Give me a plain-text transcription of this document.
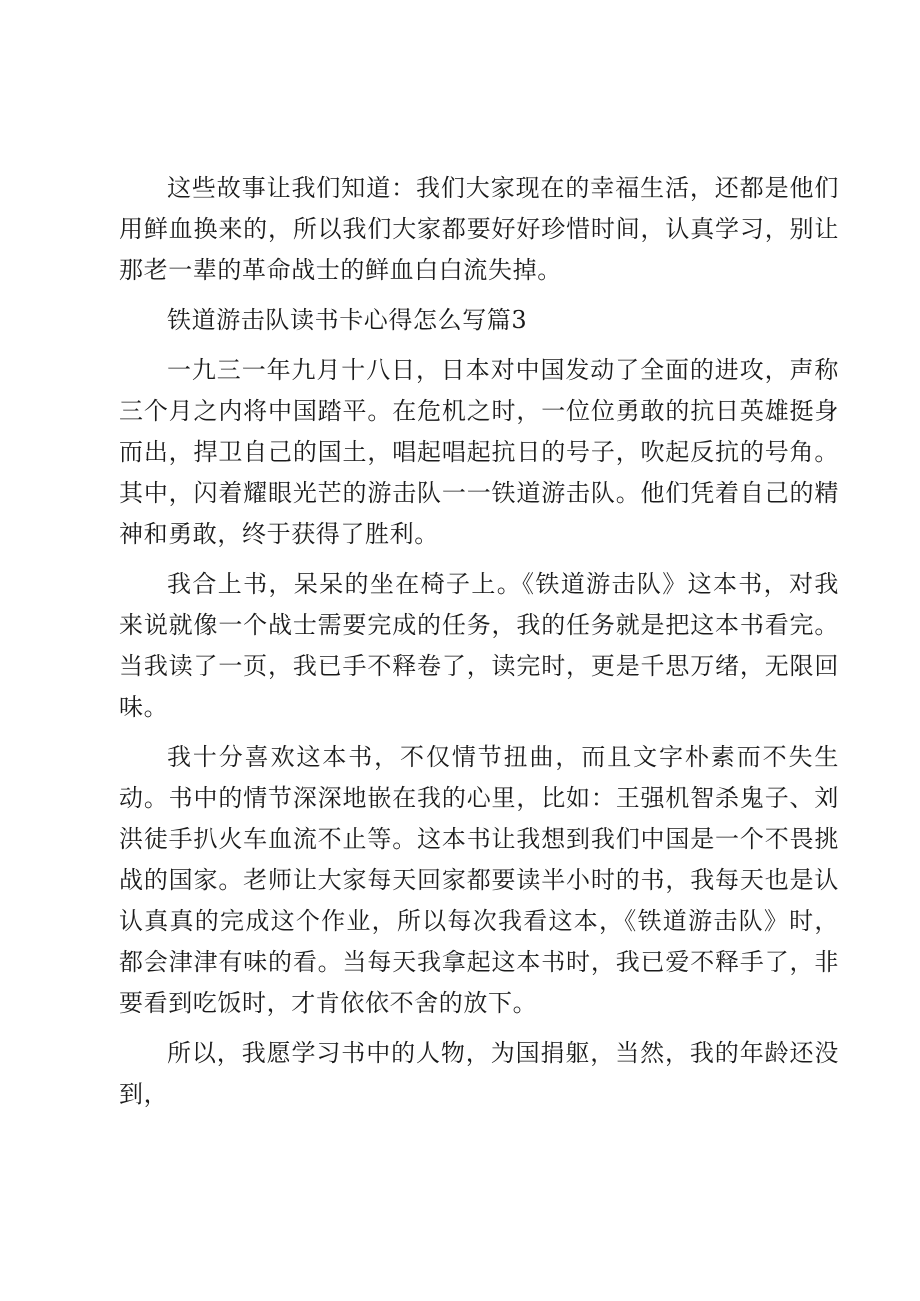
这些故事让我们知道：我们大家现在的幸福生活，还都是他们用鲜血换来的，所以我们大家都要好好珍惜时间，认真学习，别让那老一辈的革命战士的鲜血白白流失掉。

铁道游击队读书卡心得怎么写篇3

一九三一年九月十八日，日本对中国发动了全面的进攻，声称三个月之内将中国踏平。在危机之时，一位位勇敢的抗日英雄挺身而出，捍卫自己的国土，唱起唱起抗日的号子，吹起反抗的号角。其中，闪着耀眼光芒的游击队一一铁道游击队。他们凭着自己的精神和勇敢，终于获得了胜利。

我合上书，呆呆的坐在椅子上。《铁道游击队》这本书，对我来说就像一个战士需要完成的任务，我的任务就是把这本书看完。当我读了一页，我已手不释卷了，读完时，更是千思万绪，无限回味。

我十分喜欢这本书，不仅情节扭曲，而且文字朴素而不失生动。书中的情节深深地嵌在我的心里，比如：王强机智杀鬼子、刘洪徒手扒火车血流不止等。这本书让我想到我们中国是一个不畏挑战的国家。老师让大家每天回家都要读半小时的书，我每天也是认认真真的完成这个作业，所以每次我看这本，《铁道游击队》时，都会津津有味的看。当每天我拿起这本书时，我已爱不释手了，非要看到吃饭时，才肯依依不舍的放下。

所以，我愿学习书中的人物，为国捐躯，当然，我的年龄还没到，
